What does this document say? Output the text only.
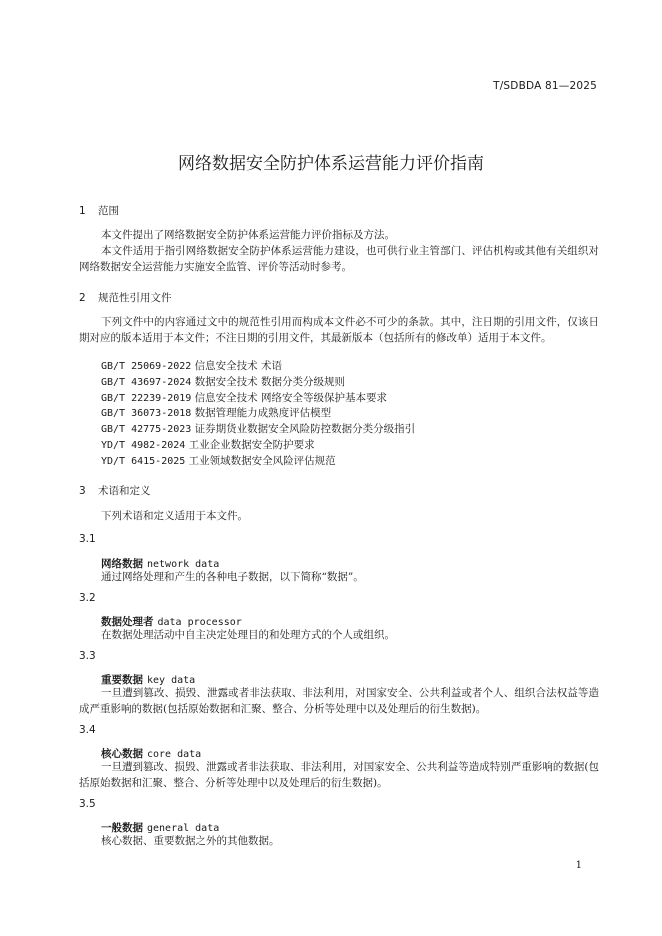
T/SDBDA 81—2025
网络数据安全防护体系运营能力评价指南
1 范围
本文件提出了网络数据安全防护体系运营能力评价指标及方法。
本文件适用于指引网络数据安全防护体系运营能力建设，也可供行业主管部门、评估机构或其他有关组织对网络数据安全运营能力实施安全监管、评价等活动时参考。
2 规范性引用文件
下列文件中的内容通过文中的规范性引用而构成本文件必不可少的条款。其中，注日期的引用文件，仅该日期对应的版本适用于本文件；不注日期的引用文件，其最新版本（包括所有的修改单）适用于本文件。
GB/T 25069-2022 信息安全技术 术语
GB/T 43697-2024 数据安全技术 数据分类分级规则
GB/T 22239-2019 信息安全技术 网络安全等级保护基本要求
GB/T 36073-2018 数据管理能力成熟度评估模型
GB/T 42775-2023 证券期货业数据安全风险防控数据分类分级指引
YD/T 4982-2024 工业企业数据安全防护要求
YD/T 6415-2025 工业领域数据安全风险评估规范
3 术语和定义
下列术语和定义适用于本文件。
3.1
网络数据 network data
通过网络处理和产生的各种电子数据，以下简称“数据”。
3.2
数据处理者 data processor
在数据处理活动中自主决定处理目的和处理方式的个人或组织。
3.3
重要数据 key data
一旦遭到篡改、损毁、泄露或者非法获取、非法利用，对国家安全、公共利益或者个人、组织合法权益等造成严重影响的数据(包括原始数据和汇聚、整合、分析等处理中以及处理后的衍生数据)。
3.4
核心数据 core data
一旦遭到篡改、损毁、泄露或者非法获取、非法利用，对国家安全、公共利益等造成特别严重影响的数据(包括原始数据和汇聚、整合、分析等处理中以及处理后的衍生数据)。
3.5
一般数据 general data
核心数据、重要数据之外的其他数据。
1
